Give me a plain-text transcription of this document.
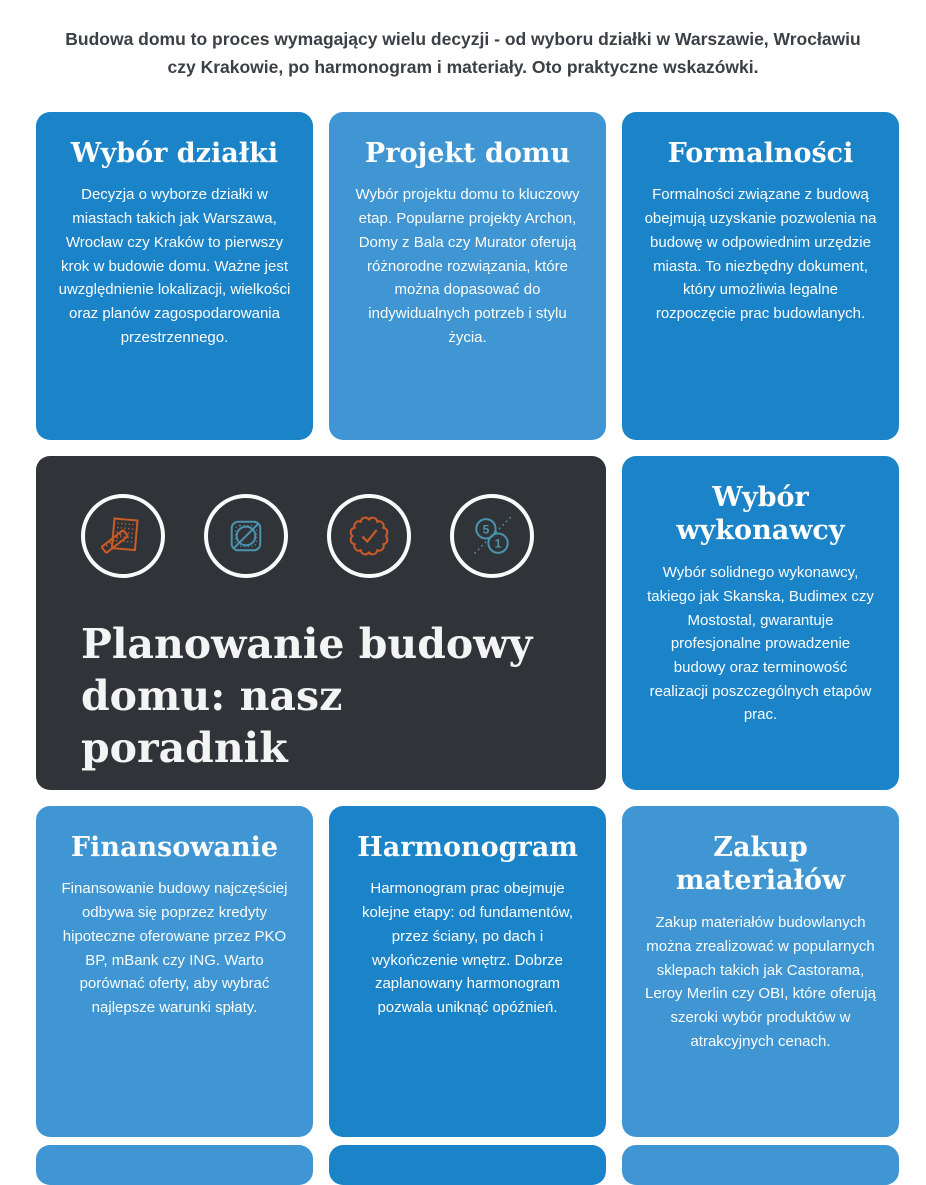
Budowa domu to proces wymagający wielu decyzji - od wyboru działki w Warszawie, Wrocławiu czy Krakowie, po harmonogram i materiały. Oto praktyczne wskazówki.

Wybór działki

Decyzja o wyborze działki w miastach takich jak Warszawa, Wrocław czy Kraków to pierwszy krok w budowie domu. Ważne jest uwzględnienie lokalizacji, wielkości oraz planów zagospodarowania przestrzennego.

Projekt domu

Wybór projektu domu to kluczowy etap. Popularne projekty Archon, Domy z Bala czy Murator oferują różnorodne rozwiązania, które można dopasować do indywidualnych potrzeb i stylu życia.

Formalności

Formalności związane z budową obejmują uzyskanie pozwolenia na budowę w odpowiednim urzędzie miasta. To niezbędny dokument, który umożliwia legalne rozpoczęcie prac budowlanych.

5
1
Planowanie budowy domu: nasz poradnik
Wybór wykonawcy

Wybór solidnego wykonawcy, takiego jak Skanska, Budimex czy Mostostal, gwarantuje profesjonalne prowadzenie budowy oraz terminowość realizacji poszczególnych etapów prac.

Finansowanie

Finansowanie budowy najczęściej odbywa się poprzez kredyty hipoteczne oferowane przez PKO BP, mBank czy ING. Warto porównać oferty, aby wybrać najlepsze warunki spłaty.

Harmonogram

Harmonogram prac obejmuje kolejne etapy: od fundamentów, przez ściany, po dach i wykończenie wnętrz. Dobrze zaplanowany harmonogram pozwala uniknąć opóźnień.

Zakup materiałów

Zakup materiałów budowlanych można zrealizować w popularnych sklepach takich jak Castorama, Leroy Merlin czy OBI, które oferują szeroki wybór produktów w atrakcyjnych cenach.
